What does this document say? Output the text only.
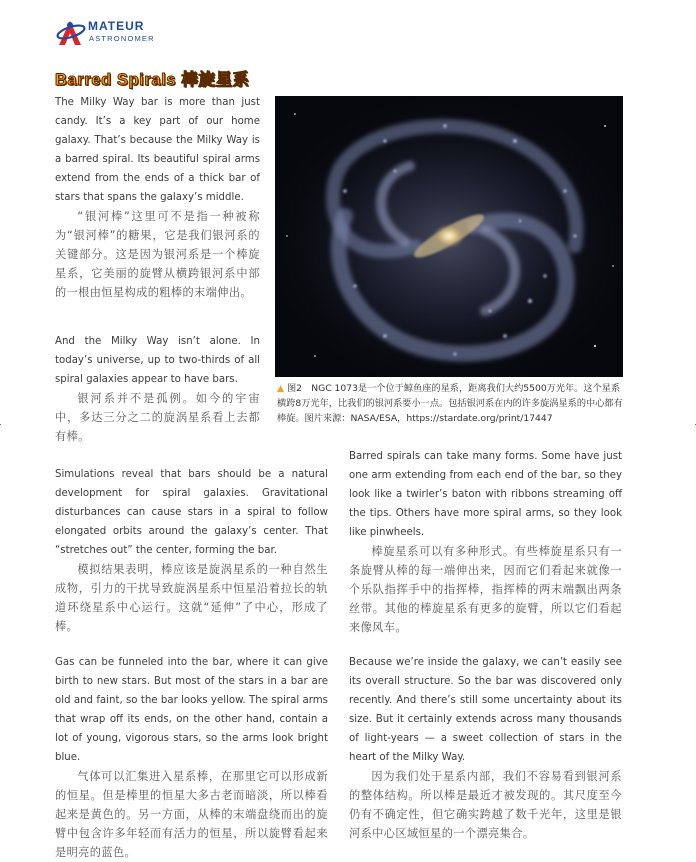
MATEUR
ASTRONOMER
Barred Spirals 棒旋星系

The Milky Way bar is more than just candy. It’s a key part of our home galaxy. That’s because the Milky Way is a barred spiral. Its beautiful spiral arms extend from the ends of a thick bar of stars that spans the galaxy’s middle.

“银河棒”这里可不是指一种被称为“银河棒”的糖果，它是我们银河系的关键部分。这是因为银河系是一个棒旋星系，它美丽的旋臂从横跨银河系中部的一根由恒星构成的粗棒的末端伸出。

And the Milky Way isn’t alone. In today’s universe, up to two-thirds of all spiral galaxies appear to have bars.

银河系并不是孤例。如今的宇宙中，多达三分之二的旋涡星系看上去都有棒。

▲ 图2　NGC 1073是一个位于鲸鱼座的星系，距离我们大约5500万光年。这个星系横跨8万光年，比我们的银河系要小一点。包括银河系在内的许多旋涡星系的中心都有棒旋。图片来源：NASA/ESA，https://stardate.org/print/17447

Simulations reveal that bars should be a natural development for spiral galaxies. Gravitational disturbances can cause stars in a spiral to follow elongated orbits around the galaxy’s center. That “stretches out” the center, forming the bar.

模拟结果表明，棒应该是旋涡星系的一种自然生成物，引力的干扰导致旋涡星系中恒星沿着拉长的轨道环绕星系中心运行。这就“延伸”了中心，形成了棒。

Gas can be funneled into the bar, where it can give birth to new stars. But most of the stars in a bar are old and faint, so the bar looks yellow. The spiral arms that wrap off its ends, on the other hand, contain a lot of young, vigorous stars, so the arms look bright blue.

气体可以汇集进入星系棒，在那里它可以形成新的恒星。但是棒里的恒星大多古老而暗淡，所以棒看起来是黄色的。另一方面，从棒的末端盘绕而出的旋臂中包含许多年轻而有活力的恒星，所以旋臂看起来是明亮的蓝色。

Barred spirals can take many forms. Some have just one arm extending from each end of the bar, so they look like a twirler’s baton with ribbons streaming off the tips. Others have more spiral arms, so they look like pinwheels.

棒旋星系可以有多种形式。有些棒旋星系只有一条旋臂从棒的每一端伸出来，因而它们看起来就像一个乐队指挥手中的指挥棒，指挥棒的两末端飘出两条丝带。其他的棒旋星系有更多的旋臂，所以它们看起来像风车。

Because we’re inside the galaxy, we can’t easily see its overall structure. So the bar was discovered only recently. And there’s still some uncertainty about its size. But it certainly extends across many thousands of light-years — a sweet collection of stars in the heart of the Milky Way.

因为我们处于星系内部，我们不容易看到银河系的整体结构。所以棒是最近才被发现的。其尺度至今仍有不确定性，但它确实跨越了数千光年，这里是银河系中心区域恒星的一个漂亮集合。
